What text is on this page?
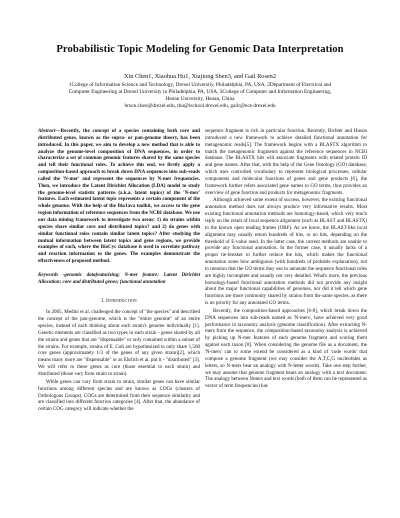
Probabilistic Topic Modeling for Genomic Data Interpretation
Xin Chen1, Xiaohua Hu1, Xiajiong Shen3, and Gail Rosen2

1College of Information Science and Technology, Drexel University, Philadelphia, PA, USA, 2Department of Electrical and

Computer Engineering at Drexel University in Philadelphia, PA, USA, 3College of Computer and Information Engineering,

Henan University, Henan, China

bruce.chen@drexel.edu, thu@ischool.drexel.edu, gailr@ece.drexel.edu

Abstract—Recently, the concept of a species containing both core and distributed genes, known as the supra- or pan-genome theory, has been introduced. In this paper, we aim to develop a new method that is able to analyze the genome-level composition of DNA sequences, in order to characterize a set of common genomic features shared by the same species and tell their functional roles. To achieve this end, we firstly apply a composition-based approach to break down DNA sequences into sub-reads called the 'N-mer' and represent the sequences by N-mer frequencies. Then, we introduce the Latent Dirichlet Allocation (LDA) model to study the genome-level statistic patterns (a.k.a. latent topics) of the 'N-mer' features. Each estimated latent topic represents a certain component of the whole genome. With the help of the BioJava toolkit, we access to the gene region information of reference sequences from the NCBI database. We use our data mining framework to investigate two areas: 1) do strains within species share similar core and distributed topics? and 2) do genes with similar functional roles contain similar latent topics? After studying the mutual information between latent topics and gene regions, we provide examples of each, where the BioCyc database is used to correlate pathway and reaction information to the genes. The examples demonstrate the effectiveness of proposed method.

Keywords -genomic datafeaturizing; N-mer feature; Latent Dirichlet Allocation; core and distributed genes; functional annotation

I. Introduction

In 2005, Medini et al. challenged the concept of "the species" and described the concept of the pan-genome, which is the "entire genome" of an entire species, instead of each thinking about each strain's genome individually [1]. Genetic elements are classified as two types in each strain - genes shared by all the strains and genes that are "dispensable" or only contained within a subset of the strains. For example, strains of E. Coli are hypothesized to only share 1,560 core genes (approximately 1/3 of the genes of any given strain)[2], which means many more are "dispensable" or as Ehrlich et al. put it - "distributed" [3]. We will refer to these genes as core (those essential to each strain) and distributed (those vary from strain to strain).

While genes can vary from strain to strain, similar genes can have similar functions among different species and are known as COGs (clusters of Orthologous Groups). COGs are determined from their sequence similarity and are classified into different function categories [4]. After that, the abundance of certain COG category will indicate whether the

sequence fragment is rich in particular function. Recently, Richter and Huson introduced a new framework to achieve detailed functional annotation for metagenomic reads[5]. The framework begins with a BLASTX algorithm to match the metagenomic fragments against the reference sequences in NCBI database. The BLASTX hits will associate fragments with related protein ID and gene names. After that, with the help of the Gene Ontology (GO) database, which uses controlled vocabulary to represent biological processes, cellular components and molecular functions of genes and gene products [6], the framework further refers associated gene names to GO terms, thus provides an overview of gene function and products for metagenomic fragments.

Although achieved some extent of success, however, the existing functional annotation method does not always produce very informative results. Most existing functional annotation methods are homology-based, which very much reply on the result of local sequence alignment (such as BLAST and BLASTX) to the known open reading frames (ORF). As we know, the BLAST-like local alignment may usually return hundreds of hits, or no hits, depending on the threshold of E-value used. In the latter case, the current methods are unable to provide any functional annotation. In the former case, it usually lacks of a proper tie-breaker to further reduce the hits, which makes the functional annotation some how ambiguous (with hundreds of probable explanation), not to mention that the GO terms they use to annotate the sequence functional roles are highly incomplete and usually not very detailed. What's more, the previous homology-based functional annotation methods did not provide any insight about the major functional capabilities of genomes, nor did it tell which gene functions are more commonly shared by strains from the same species, as there is no priority for any annotated GO terms.

Recently, the composition-based approaches [6-8], which break down the DNA sequences into sub-reads named as 'N-mers', have achieved very good performance in taxonomy analysis (genome classification). After extracting N-mers from the sequence, the composition-based taxonomy analysis is achieved by picking up N-mer features of each genome fragment and scoring them against each taxon [8]. When considering the genome file as a document, the 'N-mers' can to some extend be considered as a kind of 'code words' that compose a genome fragment (we may consider the A,T,C,G nucleotides as letters, so N-mers bear an analogy with N-letter words). Take one step further, we may assume that genome fragment bears an analogy with a text document. The analogy between Nmers and text words (both of them can be represented as vector of term frequencies) has
